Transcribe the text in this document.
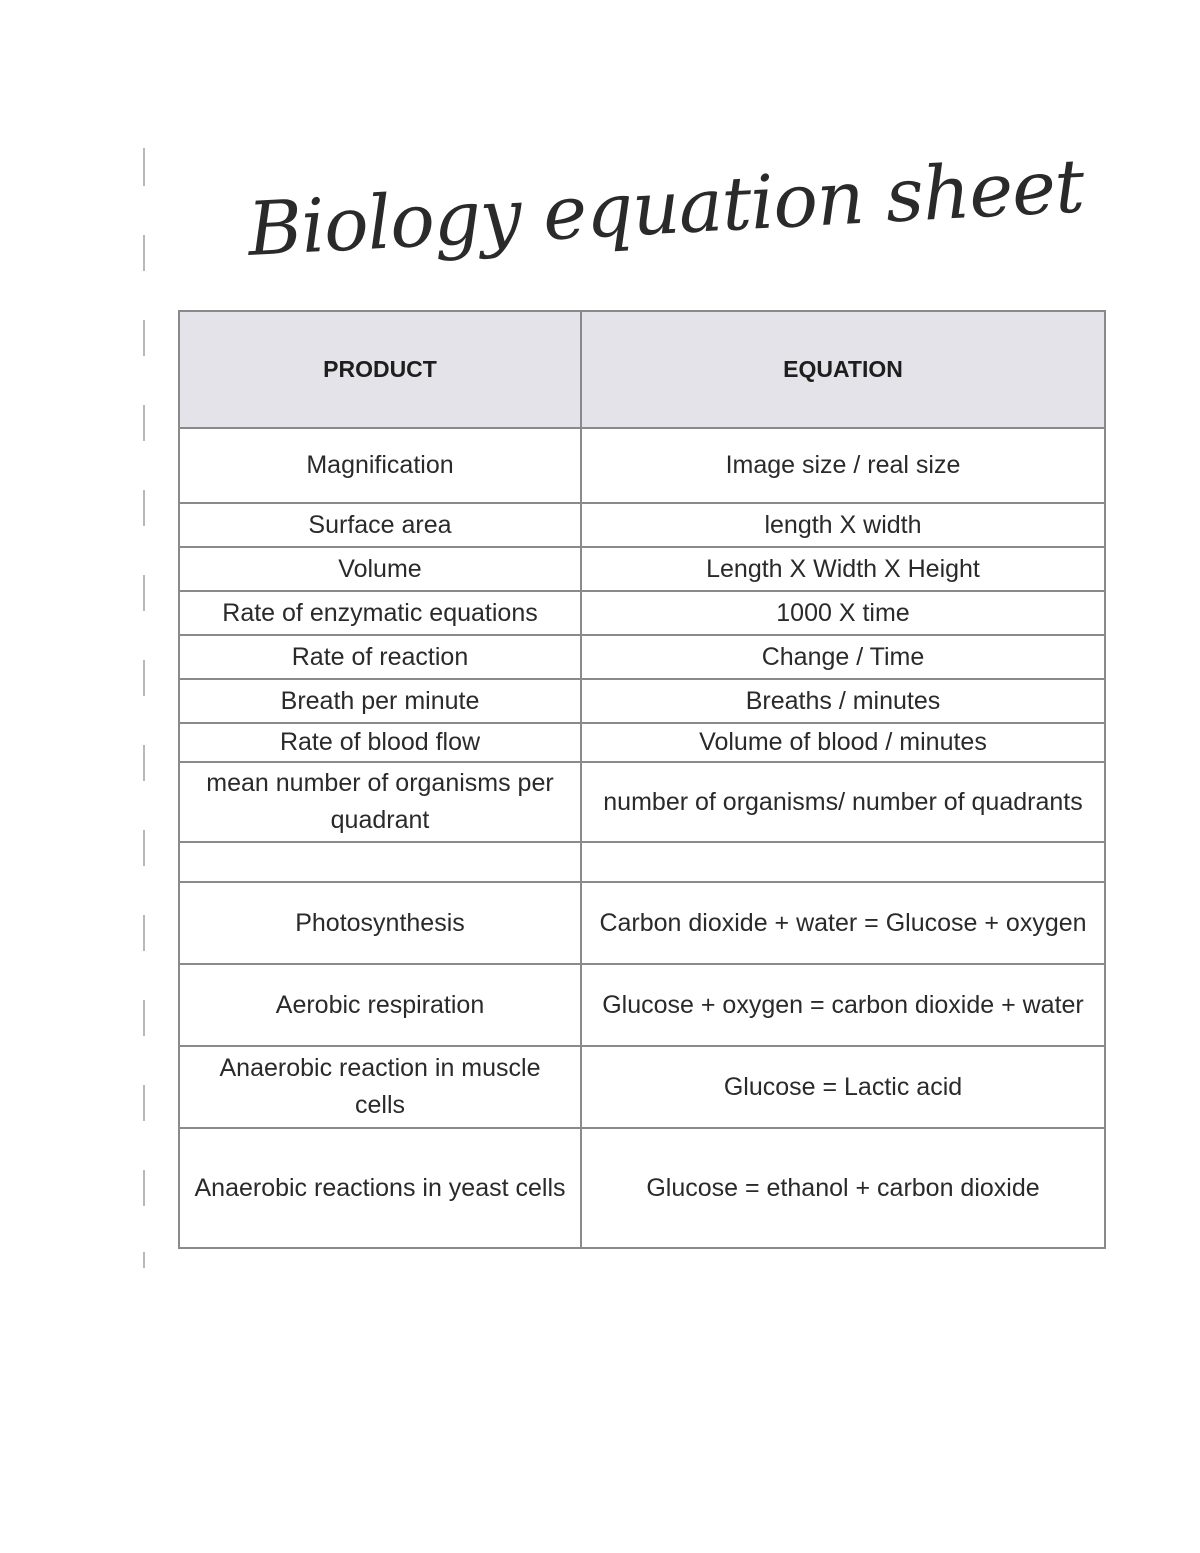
Biology equation sheet
PRODUCT	EQUATION
Magnification	Image size / real size
Surface area	length X width
Volume	Length X Width X Height
Rate of enzymatic equations	1000 X time
Rate of reaction	Change / Time
Breath per minute	Breaths / minutes
Rate of blood flow	Volume of blood / minutes
mean number of organisms per quadrant	number of organisms/ number of quadrants

Photosynthesis	Carbon dioxide + water = Glucose + oxygen
Aerobic respiration	Glucose + oxygen = carbon dioxide + water
Anaerobic reaction in muscle cells	Glucose = Lactic acid
Anaerobic reactions in yeast cells	Glucose = ethanol + carbon dioxide
